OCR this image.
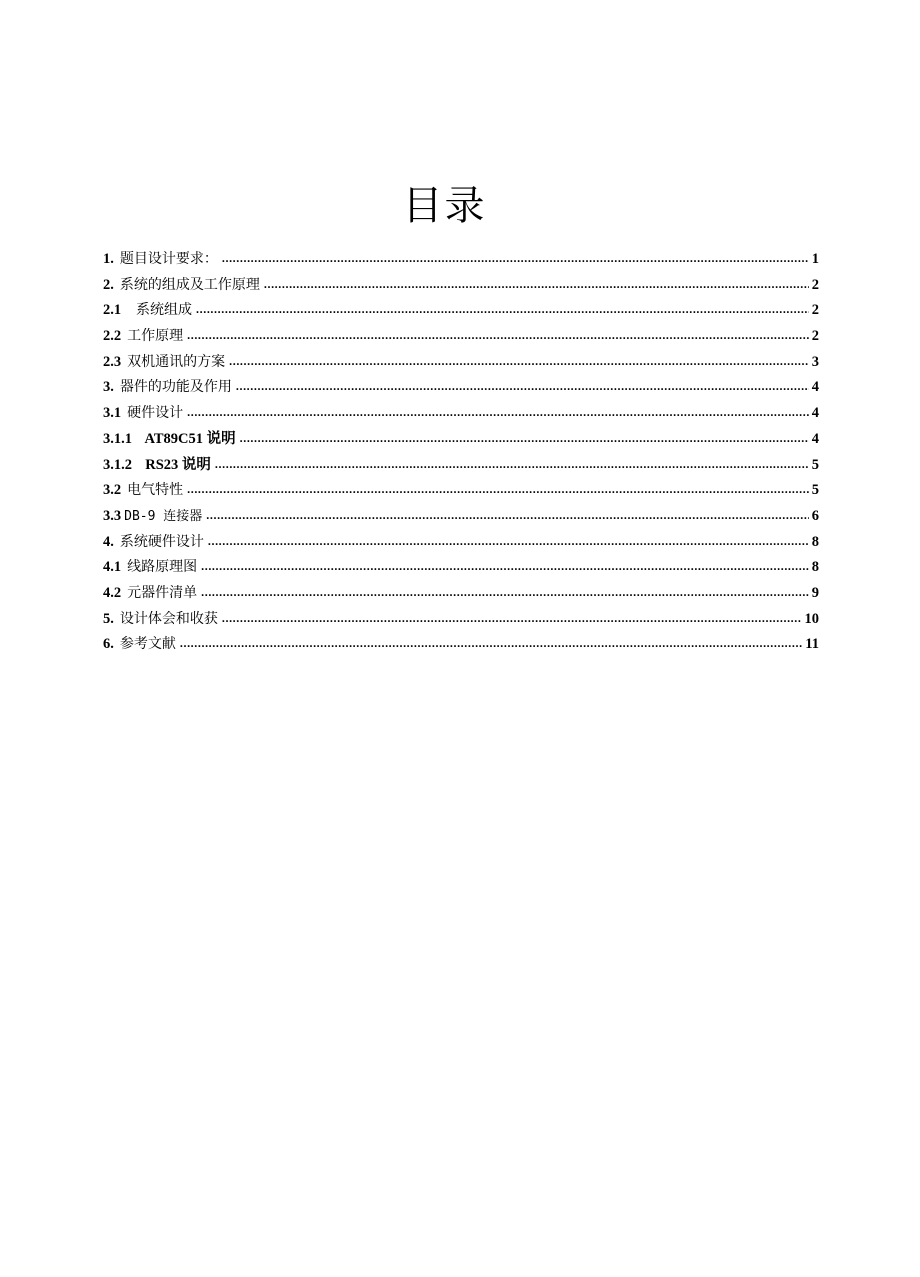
目录
1. 题目设计要求： .....	1
2. 系统的组成及工作原理 .....	2
2.1 系统组成 .....	2
2.2 工作原理 .....	2
2.3 双机通讯的方案 .....	3
3. 器件的功能及作用 .....	4
3.1 硬件设计 .....	4
3.1.1 AT89C51 说明 .....	4
3.1.2 RS23 说明 .....	5
3.2 电气特性 .....	5
3.3 DB-9 连接器 .....	6
4. 系统硬件设计 .....	8
4.1 线路原理图 .....	8
4.2 元器件清单 .....	9
5. 设计体会和收获 .....	10
6. 参考文献 .....	11
